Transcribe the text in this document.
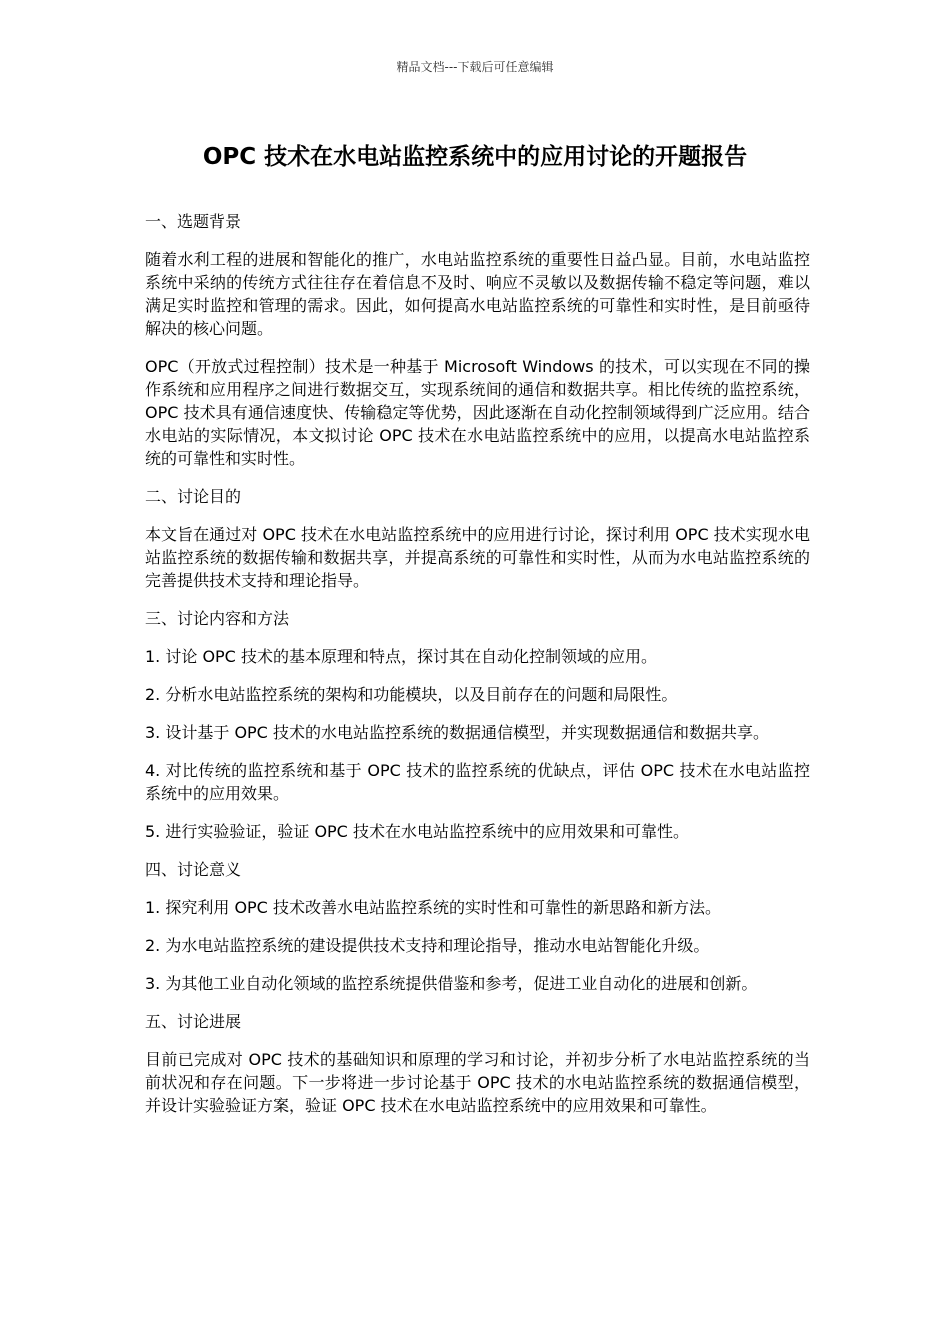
精品文档---下载后可任意编辑
OPC 技术在水电站监控系统中的应用讨论的开题报告

一、选题背景

随着水利工程的进展和智能化的推广，水电站监控系统的重要性日益凸显。目前，水电站监控系统中采纳的传统方式往往存在着信息不及时、响应不灵敏以及数据传输不稳定等问题，难以满足实时监控和管理的需求。因此，如何提高水电站监控系统的可靠性和实时性，是目前亟待解决的核心问题。

OPC（开放式过程控制）技术是一种基于 Microsoft Windows 的技术，可以实现在不同的操作系统和应用程序之间进行数据交互，实现系统间的通信和数据共享。相比传统的监控系统，OPC 技术具有通信速度快、传输稳定等优势，因此逐渐在自动化控制领域得到广泛应用。结合水电站的实际情况，本文拟讨论 OPC 技术在水电站监控系统中的应用，以提高水电站监控系统的可靠性和实时性。

二、讨论目的

本文旨在通过对 OPC 技术在水电站监控系统中的应用进行讨论，探讨利用 OPC 技术实现水电站监控系统的数据传输和数据共享，并提高系统的可靠性和实时性，从而为水电站监控系统的完善提供技术支持和理论指导。

三、讨论内容和方法

1. 讨论 OPC 技术的基本原理和特点，探讨其在自动化控制领域的应用。

2. 分析水电站监控系统的架构和功能模块，以及目前存在的问题和局限性。

3. 设计基于 OPC 技术的水电站监控系统的数据通信模型，并实现数据通信和数据共享。

4. 对比传统的监控系统和基于 OPC 技术的监控系统的优缺点，评估 OPC 技术在水电站监控系统中的应用效果。

5. 进行实验验证，验证 OPC 技术在水电站监控系统中的应用效果和可靠性。

四、讨论意义

1. 探究利用 OPC 技术改善水电站监控系统的实时性和可靠性的新思路和新方法。

2. 为水电站监控系统的建设提供技术支持和理论指导，推动水电站智能化升级。

3. 为其他工业自动化领域的监控系统提供借鉴和参考，促进工业自动化的进展和创新。

五、讨论进展

目前已完成对 OPC 技术的基础知识和原理的学习和讨论，并初步分析了水电站监控系统的当前状况和存在问题。下一步将进一步讨论基于 OPC 技术的水电站监控系统的数据通信模型，并设计实验验证方案，验证 OPC 技术在水电站监控系统中的应用效果和可靠性。
